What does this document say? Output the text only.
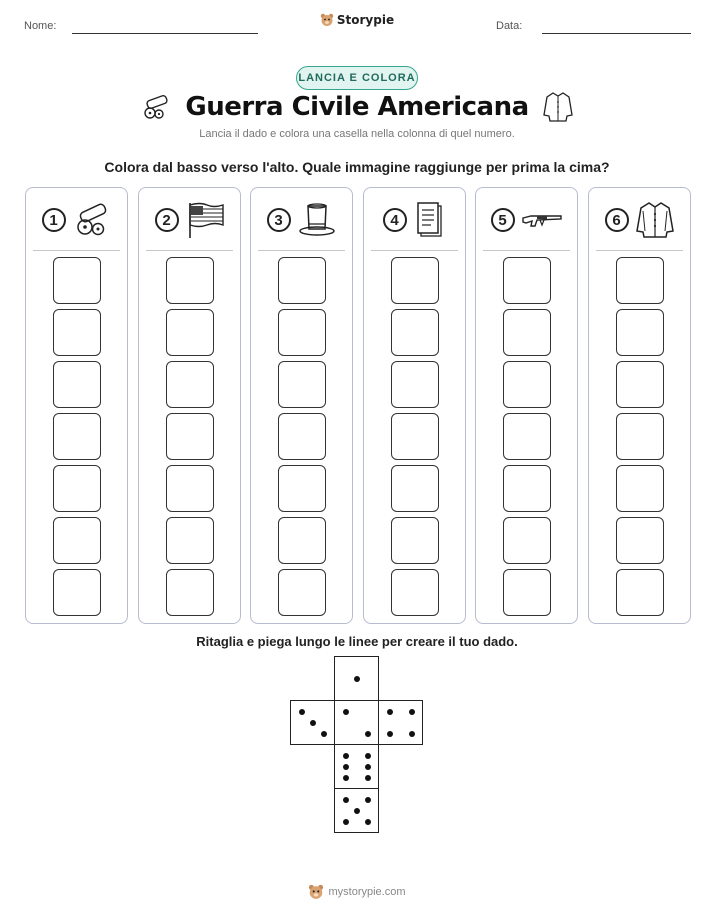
Nome:	Storypie	Data:
LANCIA E COLORA
Guerra Civile Americana
Lancia il dado e colora una casella nella colonna di quel numero.
Colora dal basso verso l'alto. Quale immagine raggiunge per prima la cima?
1	2	3	4	5	6
Ritaglia e piega lungo le linee per creare il tuo dado.
mystorypie.com
